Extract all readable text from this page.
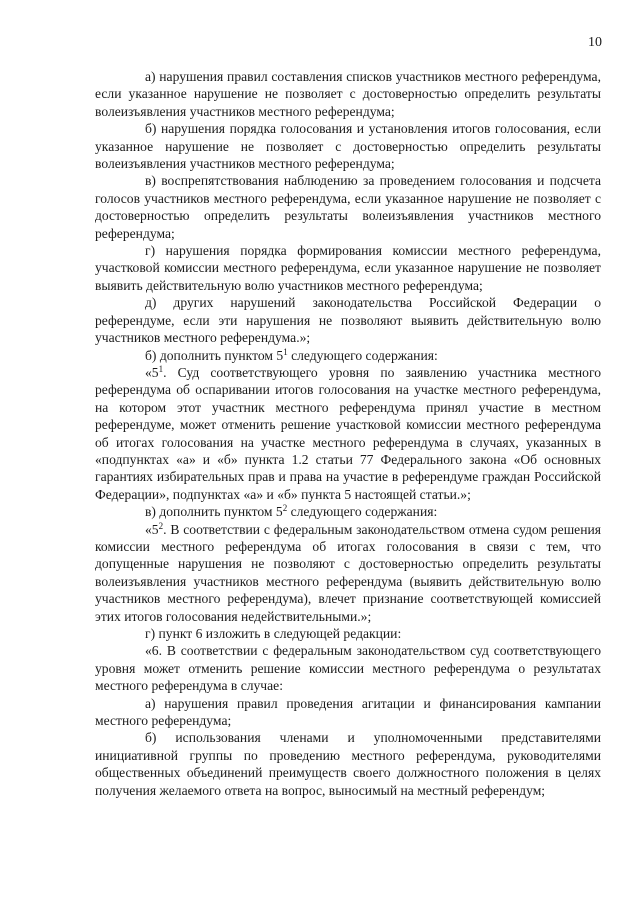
10

а) нарушения правил составления списков участников местного референдума, если указанное нарушение не позволяет с достоверностью определить результаты волеизъявления участников местного референдума;

б) нарушения порядка голосования и установления итогов голосования, если указанное нарушение не позволяет с достоверностью определить результаты волеизъявления участников местного референдума;

в) воспрепятствования наблюдению за проведением голосования и подсчета голосов участников местного референдума, если указанное нарушение не позволяет с достоверностью определить результаты волеизъявления участников местного референдума;

г) нарушения порядка формирования комиссии местного референдума, участковой комиссии местного референдума, если указанное нарушение не позволяет выявить действительную волю участников местного референдума;

д) других нарушений законодательства Российской Федерации о референдуме, если эти нарушения не позволяют выявить действительную волю участников местного референдума.»;

б) дополнить пунктом $5^1$ следующего содержания:

«$5^1$. Суд соответствующего уровня по заявлению участника местного референдума об оспаривании итогов голосования на участке местного референдума, на котором этот участник местного референдума принял участие в местном референдуме, может отменить решение участковой комиссии местного референдума об итогах голосования на участке местного референдума в случаях, указанных в «подпунктах «а» и «б» пункта 1.2 статьи 77 Федерального закона «Об основных гарантиях избирательных прав и права на участие в референдуме граждан Российской Федерации», подпунктах «а» и «б» пункта 5 настоящей статьи.»;

в) дополнить пунктом $5^2$ следующего содержания:

«$5^2$. В соответствии с федеральным законодательством отмена судом решения комиссии местного референдума об итогах голосования в связи с тем, что допущенные нарушения не позволяют с достоверностью определить результаты волеизъявления участников местного референдума (выявить действительную волю участников местного референдума), влечет признание соответствующей комиссией этих итогов голосования недействительными.»;

г) пункт 6 изложить в следующей редакции:

«6. В соответствии с федеральным законодательством суд соответствующего уровня может отменить решение комиссии местного референдума о результатах местного референдума в случае:

а) нарушения правил проведения агитации и финансирования кампании местного референдума;

б) использования членами и уполномоченными представителями инициативной группы по проведению местного референдума, руководителями общественных объединений преимуществ своего должностного положения в целях получения желаемого ответа на вопрос, выносимый на местный референдум;
